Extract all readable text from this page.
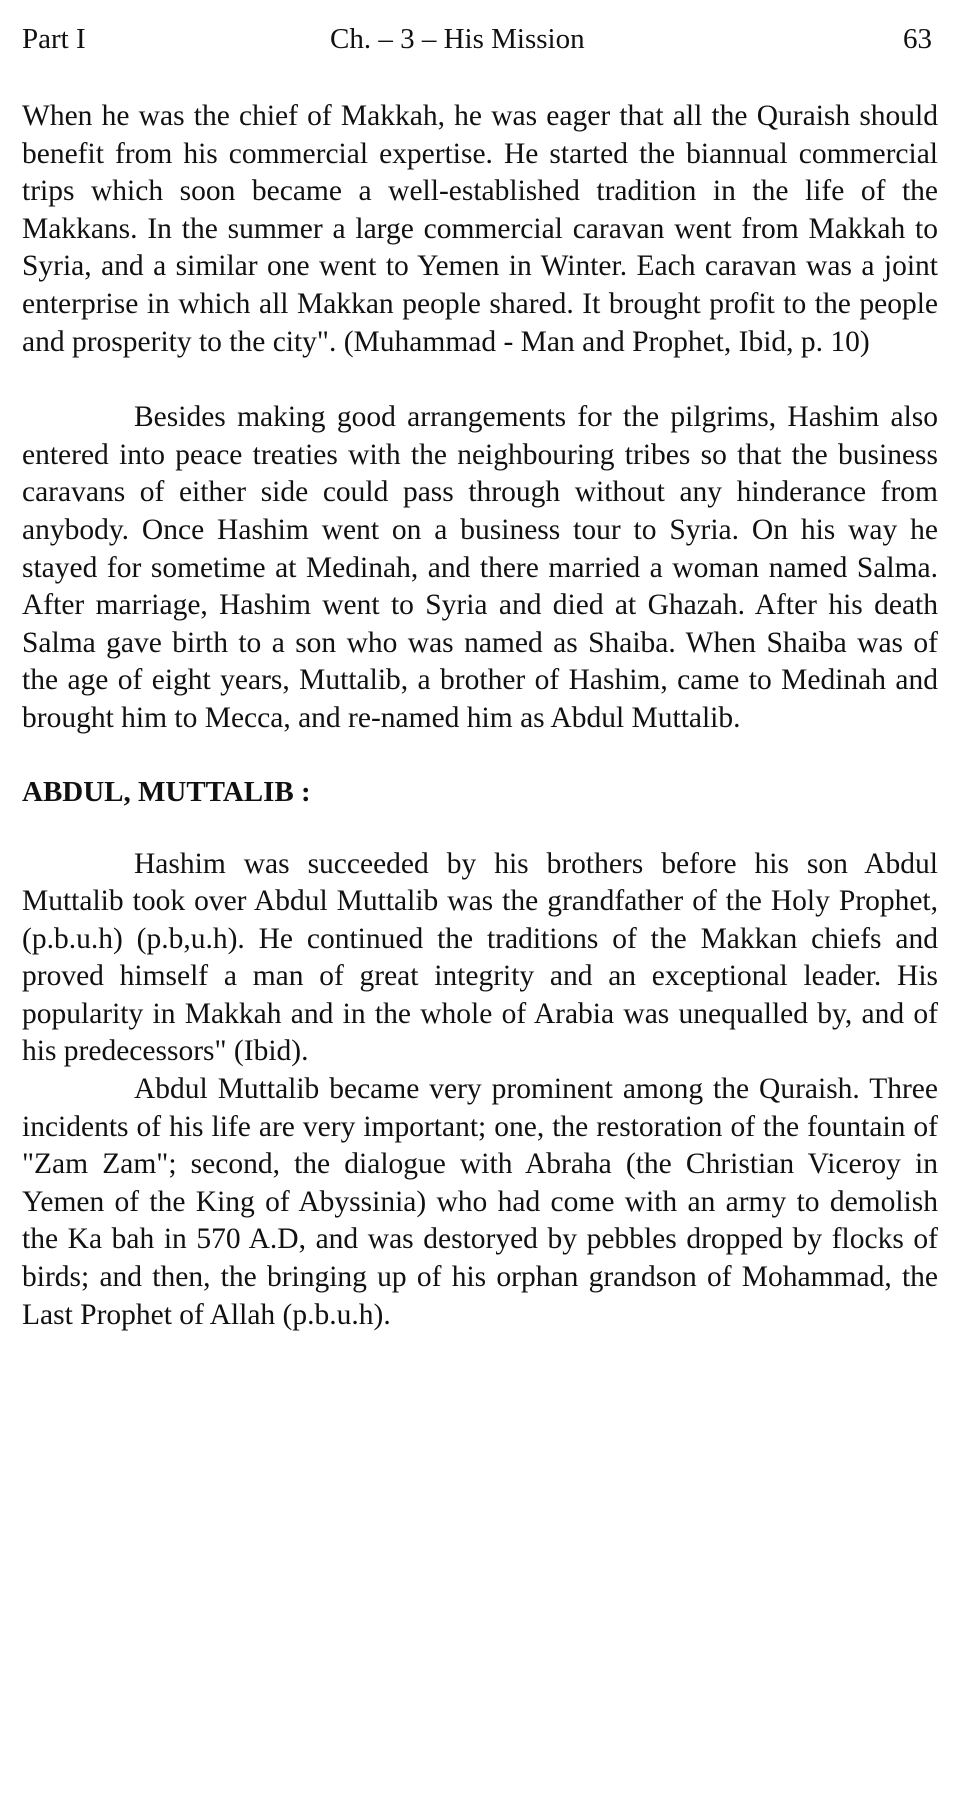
Part I	Ch. – 3 – His Mission	63

When he was the chief of Makkah, he was eager that all the Quraish should benefit from his commercial expertise. He started the biannual commercial trips which soon became a well-established tradition in the life of the Makkans. In the summer a large commercial caravan went from Makkah to Syria, and a similar one went to Yemen in Winter. Each caravan was a joint enterprise in which all Makkan people shared. It brought profit to the people and prosperity to the city". (Muhammad - Man and Prophet, Ibid, p. 10)

Besides making good arrangements for the pilgrims, Hashim also entered into peace treaties with the neighbouring tribes so that the business caravans of either side could pass through without any hinderance from anybody. Once Hashim went on a business tour to Syria. On his way he stayed for sometime at Medinah, and there married a woman named Salma. After marriage, Hashim went to Syria and died at Ghazah. After his death Salma gave birth to a son who was named as Shaiba. When Shaiba was of the age of eight years, Muttalib, a brother of Hashim, came to Medinah and brought him to Mecca, and re-named him as Abdul Muttalib.

ABDUL, MUTTALIB :

Hashim was succeeded by his brothers before his son Abdul Muttalib took over Abdul Muttalib was the grandfather of the Holy Prophet, (p.b.u.h) (p.b,u.h). He continued the traditions of the Makkan chiefs and proved himself a man of great integrity and an exceptional leader. His popularity in Makkah and in the whole of Arabia was unequalled by, and of his predecessors" (Ibid).

Abdul Muttalib became very prominent among the Quraish. Three incidents of his life are very important; one, the restoration of the fountain of "Zam Zam"; second, the dialogue with Abraha (the Christian Viceroy in Yemen of the King of Abyssinia) who had come with an army to demolish the Ka bah in 570 A.D, and was destoryed by pebbles dropped by flocks of birds; and then, the bringing up of his orphan grandson of Mohammad, the Last Prophet of Allah (p.b.u.h).
